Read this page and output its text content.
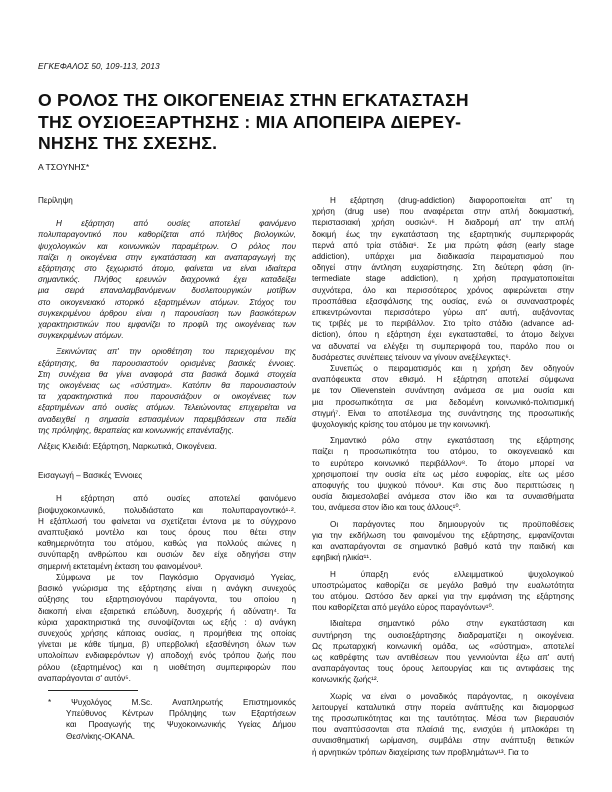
ΕΓΚΕΦΑΛΟΣ 50, 109-113, 2013
Ο ΡΟΛΟΣ ΤΗΣ ΟΙΚΟΓΕΝΕΙΑΣ ΣΤΗΝ ΕΓΚΑΤΑΣΤΑΣΗ
ΤΗΣ ΟΥΣΙΟΕΞΑΡΤΗΣΗΣ : ΜΙΑ ΑΠΟΠΕΙΡΑ ΔΙΕΡΕΥ-
ΝΗΣΗΣ ΤΗΣ ΣΧΕΣΗΣ.
Α ΤΣΟΥΝΗΣ*
Περίληψη
Η εξάρτηση από ουσίες αποτελεί φαινόμενο
πολυπαραγοντικό που καθορίζεται από πλήθος βιολογικών,
ψυχολογικών και κοινωνικών παραμέτρων. Ο ρόλος που
παίζει η οικογένεια στην εγκατάσταση και αναπαραγωγή της
εξάρτησης στο ξεχωριστό άτομο, φαίνεται να είναι ιδιαίτερα
σημαντικός. Πλήθος ερευνών διαχρονικά έχει καταδείξει
μια σειρά επαναλαμβανόμενων δυσλειτουργικών μοτίβων
στο οικογενειακό ιστορικό εξαρτημένων ατόμων. Στόχος του
συγκεκριμένου άρθρου είναι η παρουσίαση των βασικότερων
χαρακτηριστικών που εμφανίζει το προφίλ της οικογένειας των
συγκεκριμένων ατόμων.
Ξεκινώντας απ' την οριοθέτηση του περιεχομένου της
εξάρτησης, θα παρουσιαστούν ορισμένες βασικές έννοιες.
Στη συνέχεια θα γίνει αναφορά στα βασικά δομικά στοιχεία
της οικογένειας ως «σύστημα». Κατόπιν θα παρουσιαστούν
τα χαρακτηριστικά που παρουσιάζουν οι οικογένειες των
εξαρτημένων από ουσίες ατόμων. Τελειώνοντας επιχειρείται να
αναδειχθεί η σημασία εστιασμένων παρεμβάσεων στα πεδία
της πρόληψης, θεραπείας και κοινωνικής επανένταξης.
Λέξεις Κλειδιά: Εξάρτηση, Ναρκωτικά, Οικογένεια.
Εισαγωγή – Βασικές Έννοιες
Η εξάρτηση από ουσίες αποτελεί φαινόμενο
βιοψυχοκοινωνικό, πολυδιάστατο και πολυπαραγοντικό¹·².
Η εξάπλωσή του φαίνεται να σχετίζεται έντονα με το σύγχρονο
αναπτυξιακό μοντέλο και τους όρους που θέτει στην
καθημερινότητα του ατόμου, καθώς για πολλούς αιώνες η
συνύπαρξη ανθρώπου και ουσιών δεν είχε οδηγήσει στην
σημερινή εκτεταμένη έκταση του φαινομένου³.
Σύμφωνα με τον Παγκόσμιο Οργανισμό Υγείας,
βασικό γνώρισμα της εξάρτησης είναι η ανάγκη συνεχούς
αύξησης του εξαρτησιογόνου παράγοντα, του οποίου η
διακοπή είναι εξαιρετικά επώδυνη, δυσχερής ή αδύνατη⁴. Τα
κύρια χαρακτηριστικά της συνοψίζονται ως εξής : α) ανάγκη
συνεχούς χρήσης κάποιας ουσίας, η προμήθεια της οποίας
γίνεται με κάθε τίμημα, β) υπερβολική εξασθένηση όλων των
υπολοίπων ενδιαφερόντων γ) αποδοχή ενός τρόπου ζωής που
ρόλου (εξαρτημένος) και η υιοθέτηση συμπεριφορών που
αναπαράγονται σ' αυτόν⁵.
* Ψυχολόγος M.Sc. Αναπληρωτής Επιστημονικός
Υπεύθυνος Κέντρων Πρόληψης των Εξαρτήσεων
και Προαγωγής της Ψυχοκοινωνικής Υγείας Δήμου
Θεσ/νίκης-ΟΚΑΝΑ.
Η εξάρτηση (drug-addiction) διαφοροποιείται απ' τη
χρήση (drug use) που αναφέρεται στην απλή δοκιμαστική,
περιστασιακή χρήση ουσιών⁶. Η διαδρομή απ' την απλή
δοκιμή έως την εγκατάσταση της εξαρτητικής συμπεριφοράς
περνά από τρία στάδια⁶. Σε μια πρώτη φάση (early stage
addiction), υπάρχει μια διαδικασία πειραματισμού που
οδηγεί στην άντληση ευχαρίστησης. Στη δεύτερη φάση (in-
termediate stage addiction), η χρήση πραγματοποιείται
συχνότερα, όλο και περισσότερος χρόνος αφιερώνεται στην
προσπάθεια εξασφάλισης της ουσίας, ενώ οι συναναστροφές
επικεντρώνονται περισσότερο γύρω απ' αυτή, αυξάνοντας
τις τριβές με το περιβάλλον. Στο τρίτο στάδιο (advance ad-
diction), όπου η εξάρτηση έχει εγκατασταθεί, το άτομο δείχνει
να αδυνατεί να ελέγξει τη συμπεριφορά του, παρόλο που οι
δυσάρεστες συνέπειες τείνουν να γίνουν ανεξέλεγκτες⁶.
Συνεπώς ο πειραματισμός και η χρήση δεν οδηγούν
αναπόφευκτα στον εθισμό. Η εξάρτηση αποτελεί σύμφωνα
με τον Olievenstein συνάντηση ανάμεσα σε μια ουσία και
μια προσωπικότητα σε μια δεδομένη κοινωνικό-πολιτισμική
στιγμή⁷. Είναι το αποτέλεσμα της συνάντησης της προσωπικής
ψυχολογικής κρίσης του ατόμου με την κοινωνική.
Σημαντικό ρόλο στην εγκατάσταση της εξάρτησης
παίζει η προσωπικότητα του ατόμου, το οικογενειακό και
το ευρύτερο κοινωνικό περιβάλλον⁸. Το άτομο μπορεί να
χρησιμοποιεί την ουσία είτε ως μέσο ευφορίας, είτε ως μέσο
αποφυγής του ψυχικού πόνου⁹. Και στις δυο περιπτώσεις η
ουσία διαμεσολαβεί ανάμεσα στον ίδιο και τα συναισθήματα
του, ανάμεσα στον ίδιο και τους άλλους¹⁰.
Οι παράγοντες που δημιουργούν τις προϋποθέσεις
για την εκδήλωση του φαινομένου της εξάρτησης, εμφανίζονται
και αναπαράγονται σε σημαντικό βαθμό κατά την παιδική και
εφηβική ηλικία¹¹.
Η ύπαρξη ενός ελλειμματικού ψυχολογικού
υποστρώματος καθορίζει σε μεγάλο βαθμό την ευαλωτότητα
του ατόμου. Ωστόσο δεν αρκεί για την εμφάνιση της εξάρτησης
που καθορίζεται από μεγάλο εύρος παραγόντων¹⁰.
Ιδιαίτερα σημαντικό ρόλο στην εγκατάσταση και
συντήρηση της ουσιοεξάρτησης διαδραματίζει η οικογένεια.
Ως πρωταρχική κοινωνική ομάδα, ως «σύστημα», αποτελεί
ως καθρέφτης των αντιθέσεων που γεννιούνται έξω απ' αυτή
αναπαράγοντας τους όρους λειτουργίας και τις αντιφάσεις της
κοινωνικής ζωής¹².
Χωρίς να είναι ο μοναδικός παράγοντας, η οικογένεια
λειτουργεί καταλυτικά στην πορεία ανάπτυξης και διαμορφωσ
της προσωπικότητας και της ταυτότητας. Μέσα των βιεραυσιόν
που αναπτύσσονται στα πλαίσιά της, ενισχύει ή μπλοκάρει τη
συναισθηματική ωρίμανση, συμβάλει στην ανάπτυξη θετικών
ή αρνητικών τρόπων διαχείρισης των προβλημάτων¹³. Για το
